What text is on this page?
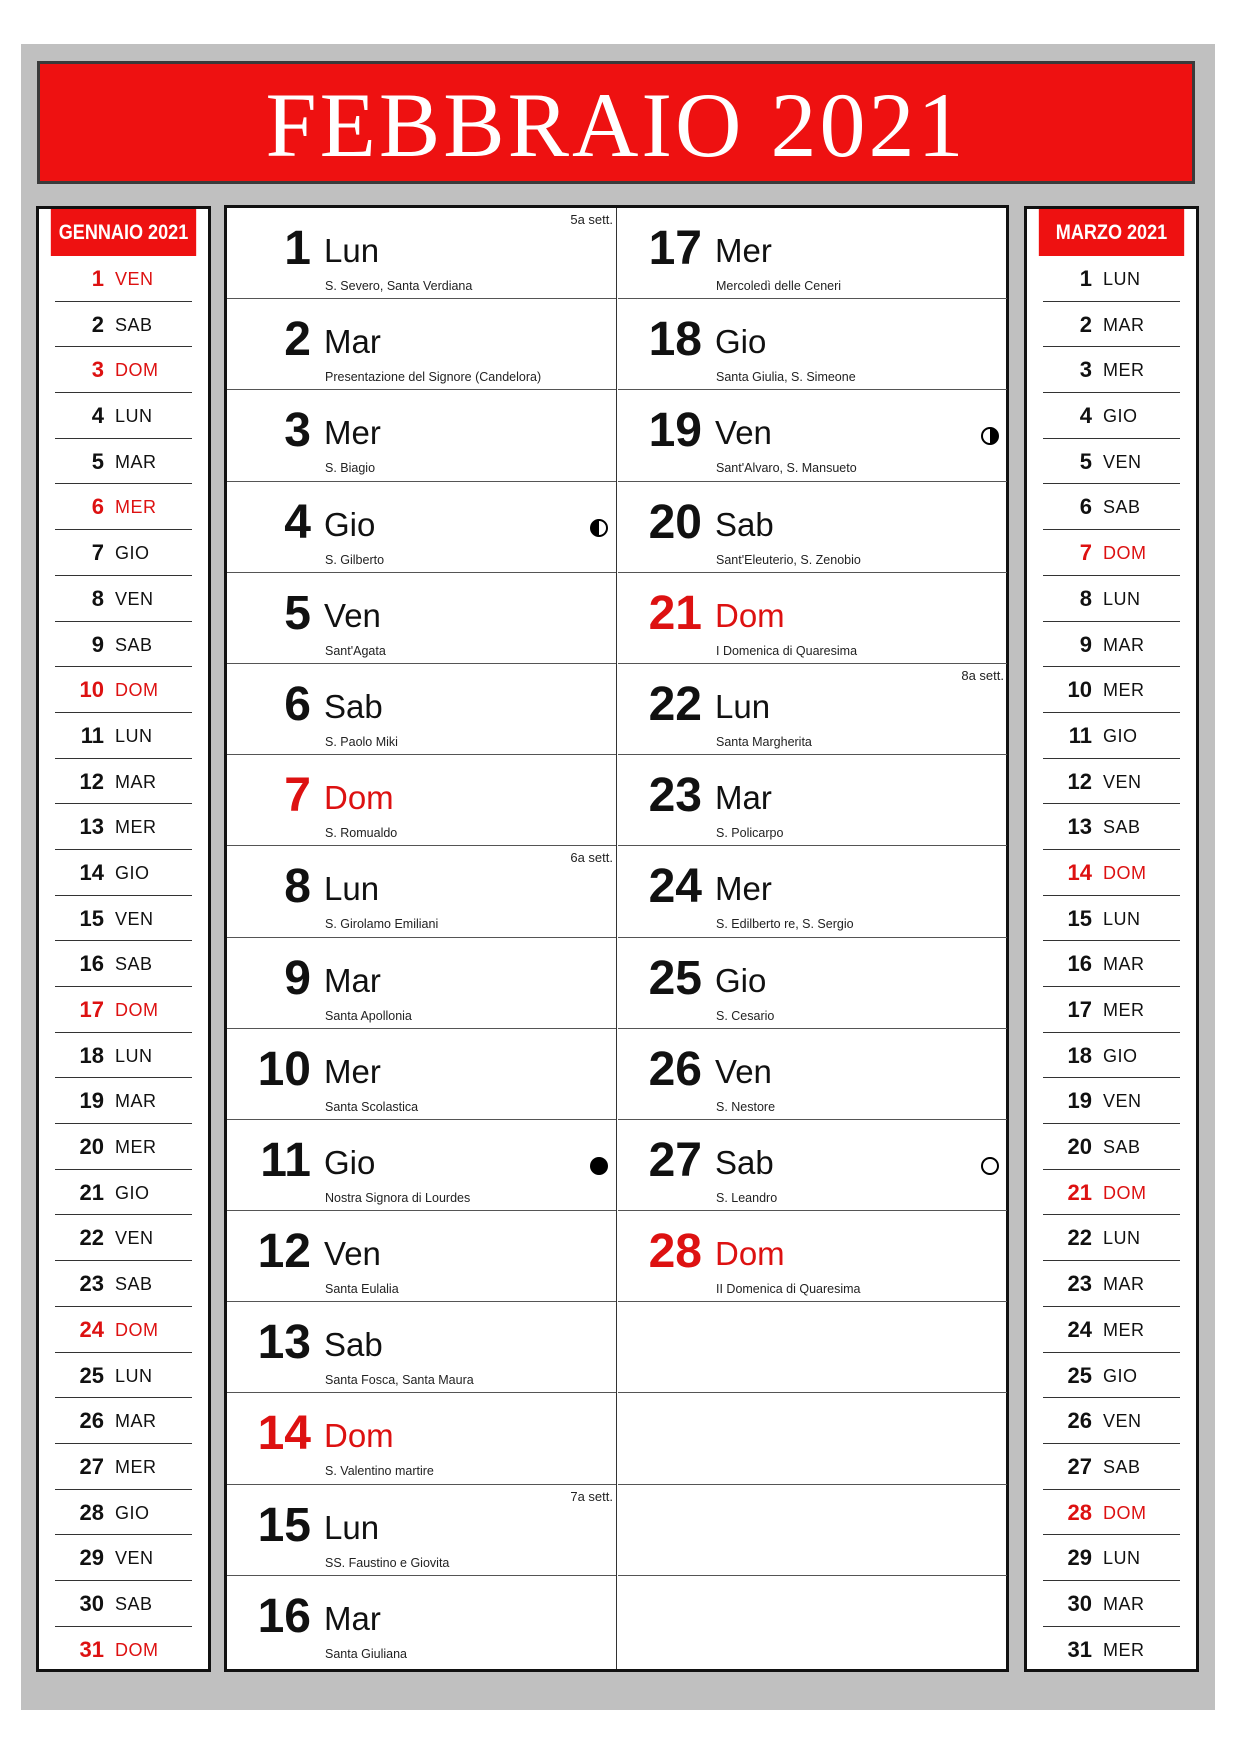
FEBBRAIO 2021
GENNAIO 2021
1 VEN
2 SAB
3 DOM
4 LUN
5 MAR
6 MER
7 GIO
8 VEN
9 SAB
10 DOM
11 LUN
12 MAR
13 MER
14 GIO
15 VEN
16 SAB
17 DOM
18 LUN
19 MAR
20 MER
21 GIO
22 VEN
23 SAB
24 DOM
25 LUN
26 MAR
27 MER
28 GIO
29 VEN
30 SAB
31 DOM
1 Lun
S. Severo, Santa Verdiana
5a sett.
2 Mar
Presentazione del Signore (Candelora)
3 Mer
S. Biagio
4 Gio
S. Gilberto
5 Ven
Sant'Agata
6 Sab
S. Paolo Miki
7 Dom
S. Romualdo
8 Lun
S. Girolamo Emiliani
6a sett.
9 Mar
Santa Apollonia
10 Mer
Santa Scolastica
11 Gio
Nostra Signora di Lourdes
12 Ven
Santa Eulalia
13 Sab
Santa Fosca, Santa Maura
14 Dom
S. Valentino martire
15 Lun
SS. Faustino e Giovita
7a sett.
16 Mar
Santa Giuliana
17 Mer
Mercoledì delle Ceneri
18 Gio
Santa Giulia, S. Simeone
19 Ven
Sant'Alvaro, S. Mansueto
20 Sab
Sant'Eleuterio, S. Zenobio
21 Dom
I Domenica di Quaresima
22 Lun
Santa Margherita
8a sett.
23 Mar
S. Policarpo
24 Mer
S. Edilberto re, S. Sergio
25 Gio
S. Cesario
26 Ven
S. Nestore
27 Sab
S. Leandro
28 Dom
II Domenica di Quaresima
MARZO 2021
1 LUN
2 MAR
3 MER
4 GIO
5 VEN
6 SAB
7 DOM
8 LUN
9 MAR
10 MER
11 GIO
12 VEN
13 SAB
14 DOM
15 LUN
16 MAR
17 MER
18 GIO
19 VEN
20 SAB
21 DOM
22 LUN
23 MAR
24 MER
25 GIO
26 VEN
27 SAB
28 DOM
29 LUN
30 MAR
31 MER
